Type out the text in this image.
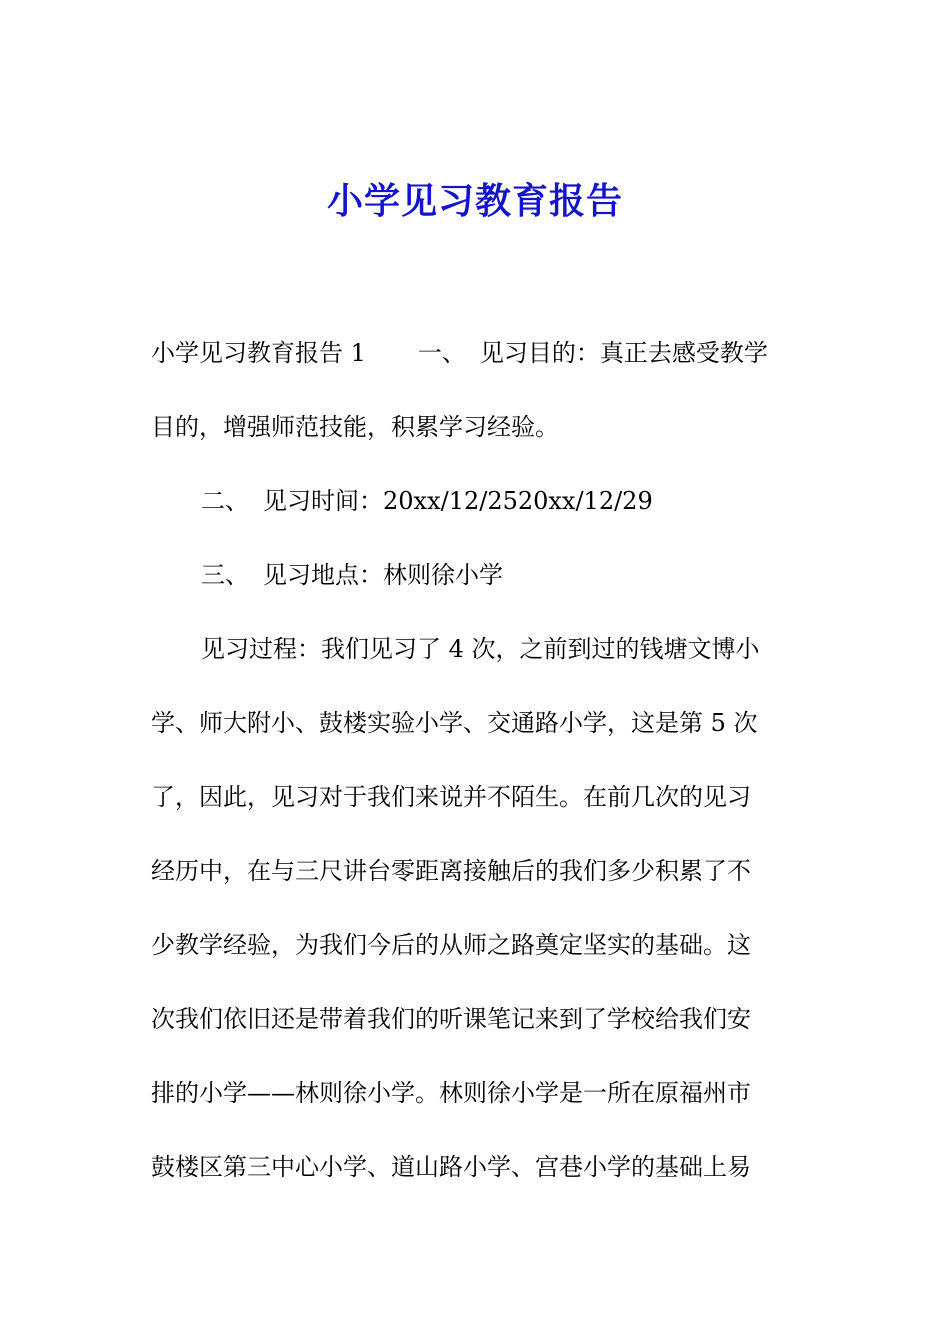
小学见习教育报告
小学见习教育报告 1 一、 见习目的：真正去感受教学
目的，增强师范技能，积累学习经验。
二、 见习时间：20xx/12/2520xx/12/29
三、 见习地点：林则徐小学
见习过程：我们见习了 4 次，之前到过的钱塘文博小
学、师大附小、鼓楼实验小学、交通路小学，这是第 5 次
了，因此，见习对于我们来说并不陌生。在前几次的见习
经历中，在与三尺讲台零距离接触后的我们多少积累了不
少教学经验，为我们今后的从师之路奠定坚实的基础。这
次我们依旧还是带着我们的听课笔记来到了学校给我们安
排的小学——林则徐小学。林则徐小学是一所在原福州市
鼓楼区第三中心小学、道山路小学、宫巷小学的基础上易
